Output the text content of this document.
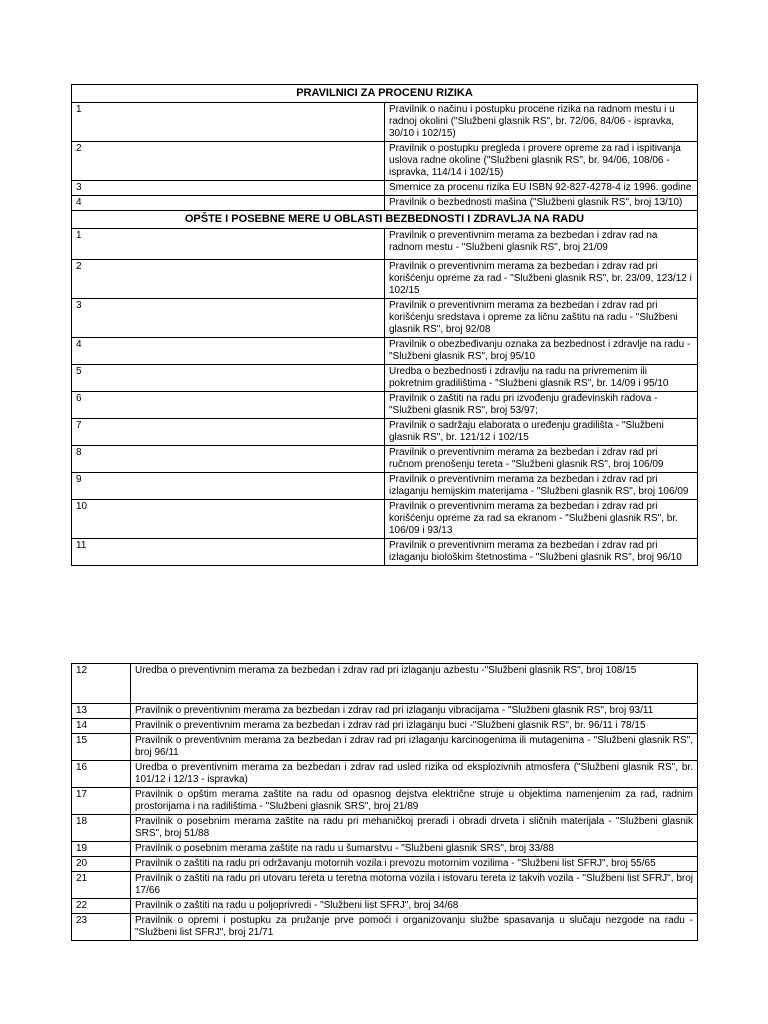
PRAVILNICI ZA PROCENU RIZIKA	
1	Pravilnik o načinu i postupku procene rizika na radnom mestu i u radnoj okolini ("Službeni glasnik RS", br. 72/06, 84/06 - ispravka, 30/10 i 102/15)
2	Pravilnik o postupku pregleda i provere opreme za rad i ispitivanja uslova radne okoline ("Službeni glasnik RS", br. 94/06, 108/06 - ispravka, 114/14 i 102/15)
3	Smernice za procenu rizika EU ISBN 92-827-4278-4 iz 1996. godine
4	Pravilnik o bezbednosti mašina ("Službeni glasnik RS", broj 13/10)
OPŠTE I POSEBNE MERE U OBLASTI BEZBEDNOSTI I ZDRAVLJA NA RADU	
1	Pravilnik o preventivnim merama za bezbedan i zdrav rad na radnom mestu - "Službeni glasnik RS", broj 21/09
2	Pravilnik o preventivnim merama za bezbedan i zdrav rad pri korišćenju opreme za rad - "Službeni glasnik RS", br. 23/09, 123/12 i 102/15
3	Pravilnik o preventivnim merama za bezbedan i zdrav rad pri korišćenju sredstava i opreme za ličnu zaštitu na radu - "Službeni glasnik RS", broj 92/08
4	Pravilnik o obezbeđivanju oznaka za bezbednost i zdravlje na radu - "Službeni glasnik RS", broj 95/10
5	Uredba o bezbednosti i zdravlju na radu na privremenim ili pokretnim gradilištima - "Službeni glasnik RS", br. 14/09 i 95/10
6	Pravilnik o zaštiti na radu pri izvođenju građevinskih radova - "Službeni glasnik RS", broj 53/97;
7	Pravilnik o sadržaju elaborata o uređenju gradilišta - "Službeni glasnik RS", br. 121/12 i 102/15
8	Pravilnik o preventivnim merama za bezbedan i zdrav rad pri ručnom prenošenju tereta - "Službeni glasnik RS", broj 106/09
9	Pravilnik o preventivnim merama za bezbedan i zdrav rad pri izlaganju hemijskim materijama - "Službeni glasnik RS", broj 106/09
10	Pravilnik o preventivnim merama za bezbedan i zdrav rad pri korišćenju opreme za rad sa ekranom - "Službeni glasnik RS", br. 106/09 i 93/13
11	Pravilnik o preventivnim merama za bezbedan i zdrav rad pri izlaganju biološkim štetnostima - "Službeni glasnik RS", broj 96/10
12	Uredba o preventivnim merama za bezbedan i zdrav rad pri izlaganju azbestu -"Službeni glasnik RS", broj 108/15
13	Pravilnik o preventivnim merama za bezbedan i zdrav rad pri izlaganju vibracijama - "Službeni glasnik RS", broj 93/11
14	Pravilnik o preventivnim merama za bezbedan i zdrav rad pri izlaganju buci -"Službeni glasnik RS", br. 96/11 i 78/15
15	Pravilnik o preventivnim merama za bezbedan i zdrav rad pri izlaganju karcinogenima ili mutagenima - "Službeni glasnik RS", broj 96/11
16	Uredba o preventivnim merama za bezbedan i zdrav rad usled rizika od eksplozivnih atmosfera ("Službeni glasnik RS", br. 101/12 i 12/13 - ispravka)
17	Pravilnik o opštim merama zaštite na radu od opasnog dejstva električne struje u objektima namenjenim za rad, radnim prostorijama i na radilištima - "Službeni glasnik SRS", broj 21/89
18	Pravilnik o posebnim merama zaštite na radu pri mehaničkoj preradi i obradi drveta i sličnih materijala - "Službeni glasnik SRS", broj 51/88
19	Pravilnik o posebnim merama zaštite na radu u šumarstvu - "Službeni glasnik SRS", broj 33/88
20	Pravilnik o zaštiti na radu pri održavanju motornih vozila i prevozu motornim vozilima - "Službeni list SFRJ", broj 55/65
21	Pravilnik o zaštiti na radu pri utovaru tereta u teretna motorna vozila i istovaru tereta iz takvih vozila - "Službeni list SFRJ", broj 17/66
22	Pravilnik o zaštiti na radu u poljoprivredi - "Službeni list SFRJ", broj 34/68
23	Pravilnik o opremi i postupku za pružanje prve pomoći i organizovanju službe spasavanja u slučaju nezgode na radu - "Službeni list SFRJ", broj 21/71
